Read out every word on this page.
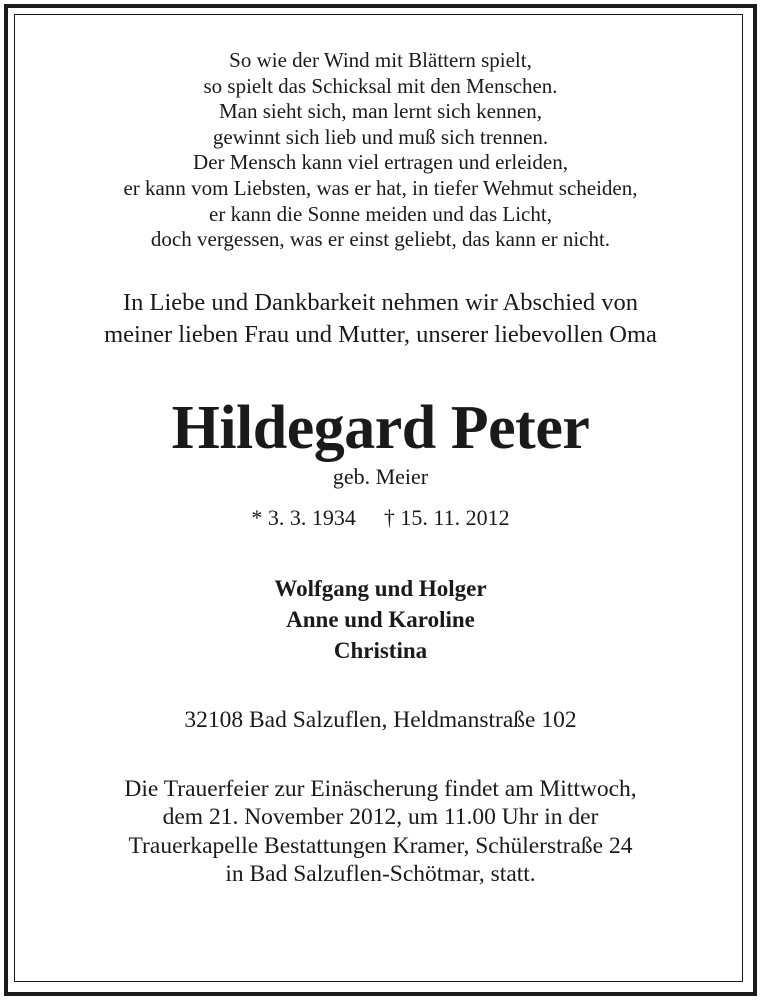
So wie der Wind mit Blättern spielt,
so spielt das Schicksal mit den Menschen.
Man sieht sich, man lernt sich kennen,
gewinnt sich lieb und muß sich trennen.
Der Mensch kann viel ertragen und erleiden,
er kann vom Liebsten, was er hat, in tiefer Wehmut scheiden,
er kann die Sonne meiden und das Licht,
doch vergessen, was er einst geliebt, das kann er nicht.
In Liebe und Dankbarkeit nehmen wir Abschied von
meiner lieben Frau und Mutter, unserer liebevollen Oma
Hildegard Peter
geb. Meier
* 3. 3. 1934 † 15. 11. 2012
Wolfgang und Holger
Anne und Karoline
Christina
32108 Bad Salzuflen, Heldmanstraße 102
Die Trauerfeier zur Einäscherung findet am Mittwoch,
dem 21. November 2012, um 11.00 Uhr in der
Trauerkapelle Bestattungen Kramer, Schülerstraße 24
in Bad Salzuflen-Schötmar, statt.
